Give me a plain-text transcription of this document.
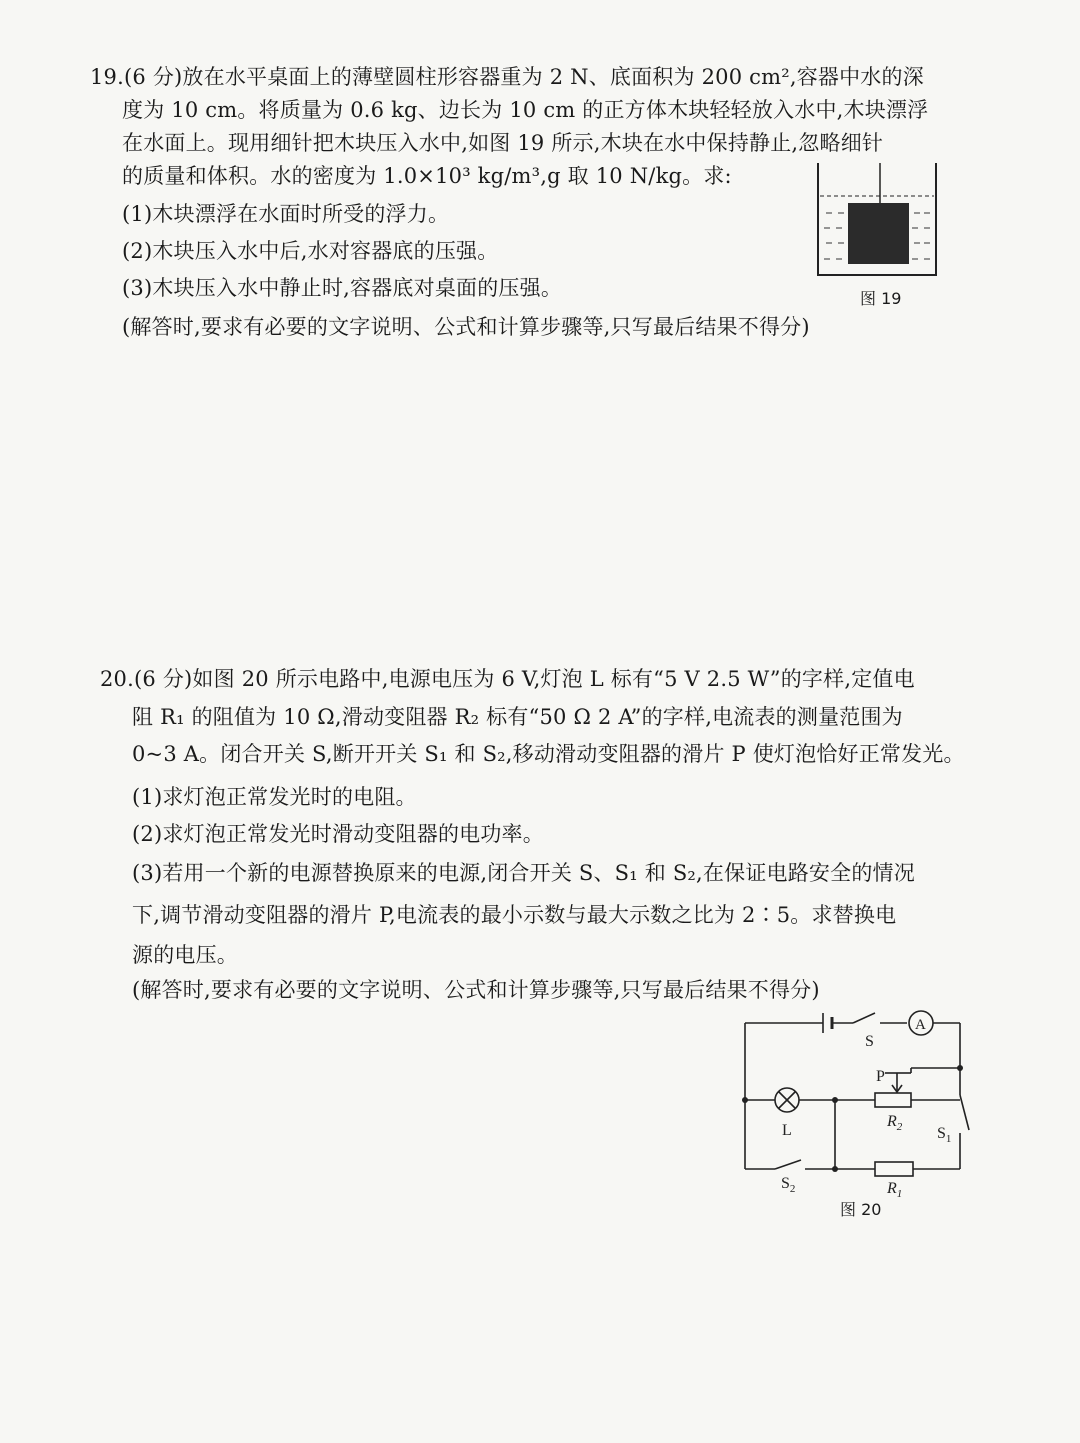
19.(6 分)放在水平桌面上的薄壁圆柱形容器重为 2 N、底面积为 200 cm²,容器中水的深
度为 10 cm。将质量为 0.6 kg、边长为 10 cm 的正方体木块轻轻放入水中,木块漂浮
在水面上。现用细针把木块压入水中,如图 19 所示,木块在水中保持静止,忽略细针
的质量和体积。水的密度为 1.0×10³ kg/m³,g 取 10 N/kg。求:
(1)木块漂浮在水面时所受的浮力。
(2)木块压入水中后,水对容器底的压强。
(3)木块压入水中静止时,容器底对桌面的压强。
(解答时,要求有必要的文字说明、公式和计算步骤等,只写最后结果不得分)
图 19
20.(6 分)如图 20 所示电路中,电源电压为 6 V,灯泡 L 标有“5 V 2.5 W”的字样,定值电
阻 R₁ 的阻值为 10 Ω,滑动变阻器 R₂ 标有“50 Ω 2 A”的字样,电流表的测量范围为
0~3 A。闭合开关 S,断开开关 S₁ 和 S₂,移动滑动变阻器的滑片 P 使灯泡恰好正常发光。
(1)求灯泡正常发光时的电阻。
(2)求灯泡正常发光时滑动变阻器的电功率。
(3)若用一个新的电源替换原来的电源,闭合开关 S、S₁ 和 S₂,在保证电路安全的情况
下,调节滑动变阻器的滑片 P,电流表的最小示数与最大示数之比为 2∶5。求替换电
源的电压。
(解答时,要求有必要的文字说明、公式和计算步骤等,只写最后结果不得分)
S
A
P
L
$R_2$ $S_1$
$S_2$	$R_1$
图 20
